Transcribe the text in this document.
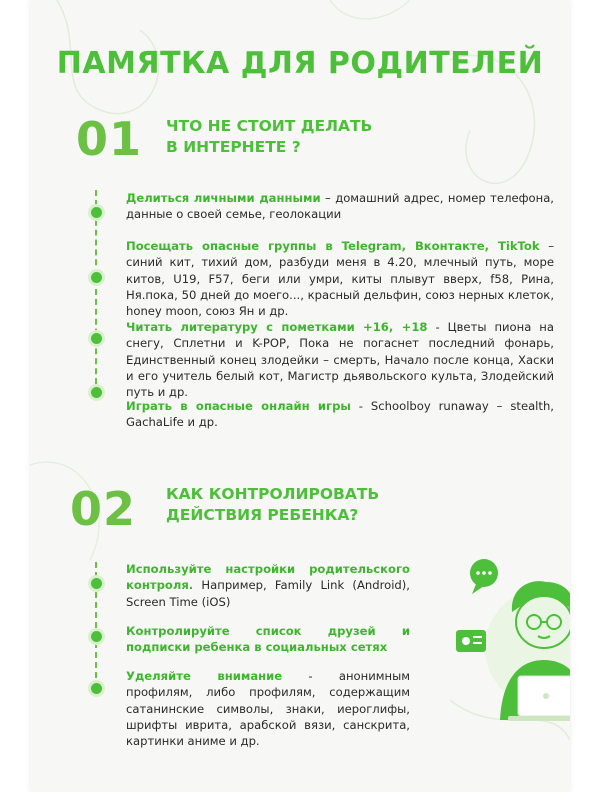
ПАМЯТКА ДЛЯ РОДИТЕЛЕЙ
01 ЧТО НЕ СТОИТ ДЕЛАТЬ
В ИНТЕРНЕТЕ ?
Делиться личными данными – домашний адрес, номер телефона, данные о своей семье, геолокации
Посещать опасные группы в Telegram, Вконтакте, TikTok – синий кит, тихий дом, разбуди меня в 4.20, млечный путь, море китов, U19, F57, беги или умри, киты плывут вверх, f58, Рина, Ня.пока, 50 дней до моего..., красный дельфин, союз нерных клеток, honey moon, союз Ян и др.
Читать литературу с пометками +16, +18 - Цветы пиона на снегу, Сплетни и K-POP, Пока не погаснет последний фонарь, Единственный конец злодейки – смерть, Начало после конца, Хаски и его учитель белый кот, Магистр дьявольского культа, Злодейский путь и др.
Играть в опасные онлайн игры - Schoolboy runaway – stealth, GachaLife и др.
02 КАК КОНТРОЛИРОВАТЬ
ДЕЙСТВИЯ РЕБЕНКА?
Используйте настройки родительского контроля. Например, Family Link (Android), Screen Time (iOS)
Контролируйте список друзей и подписки ребенка в социальных сетях
Уделяйте внимание - анонимным профилям, либо профилям, содержащим сатанинские символы, знаки, иероглифы, шрифты иврита, арабской вязи, санскрита, картинки аниме и др.
